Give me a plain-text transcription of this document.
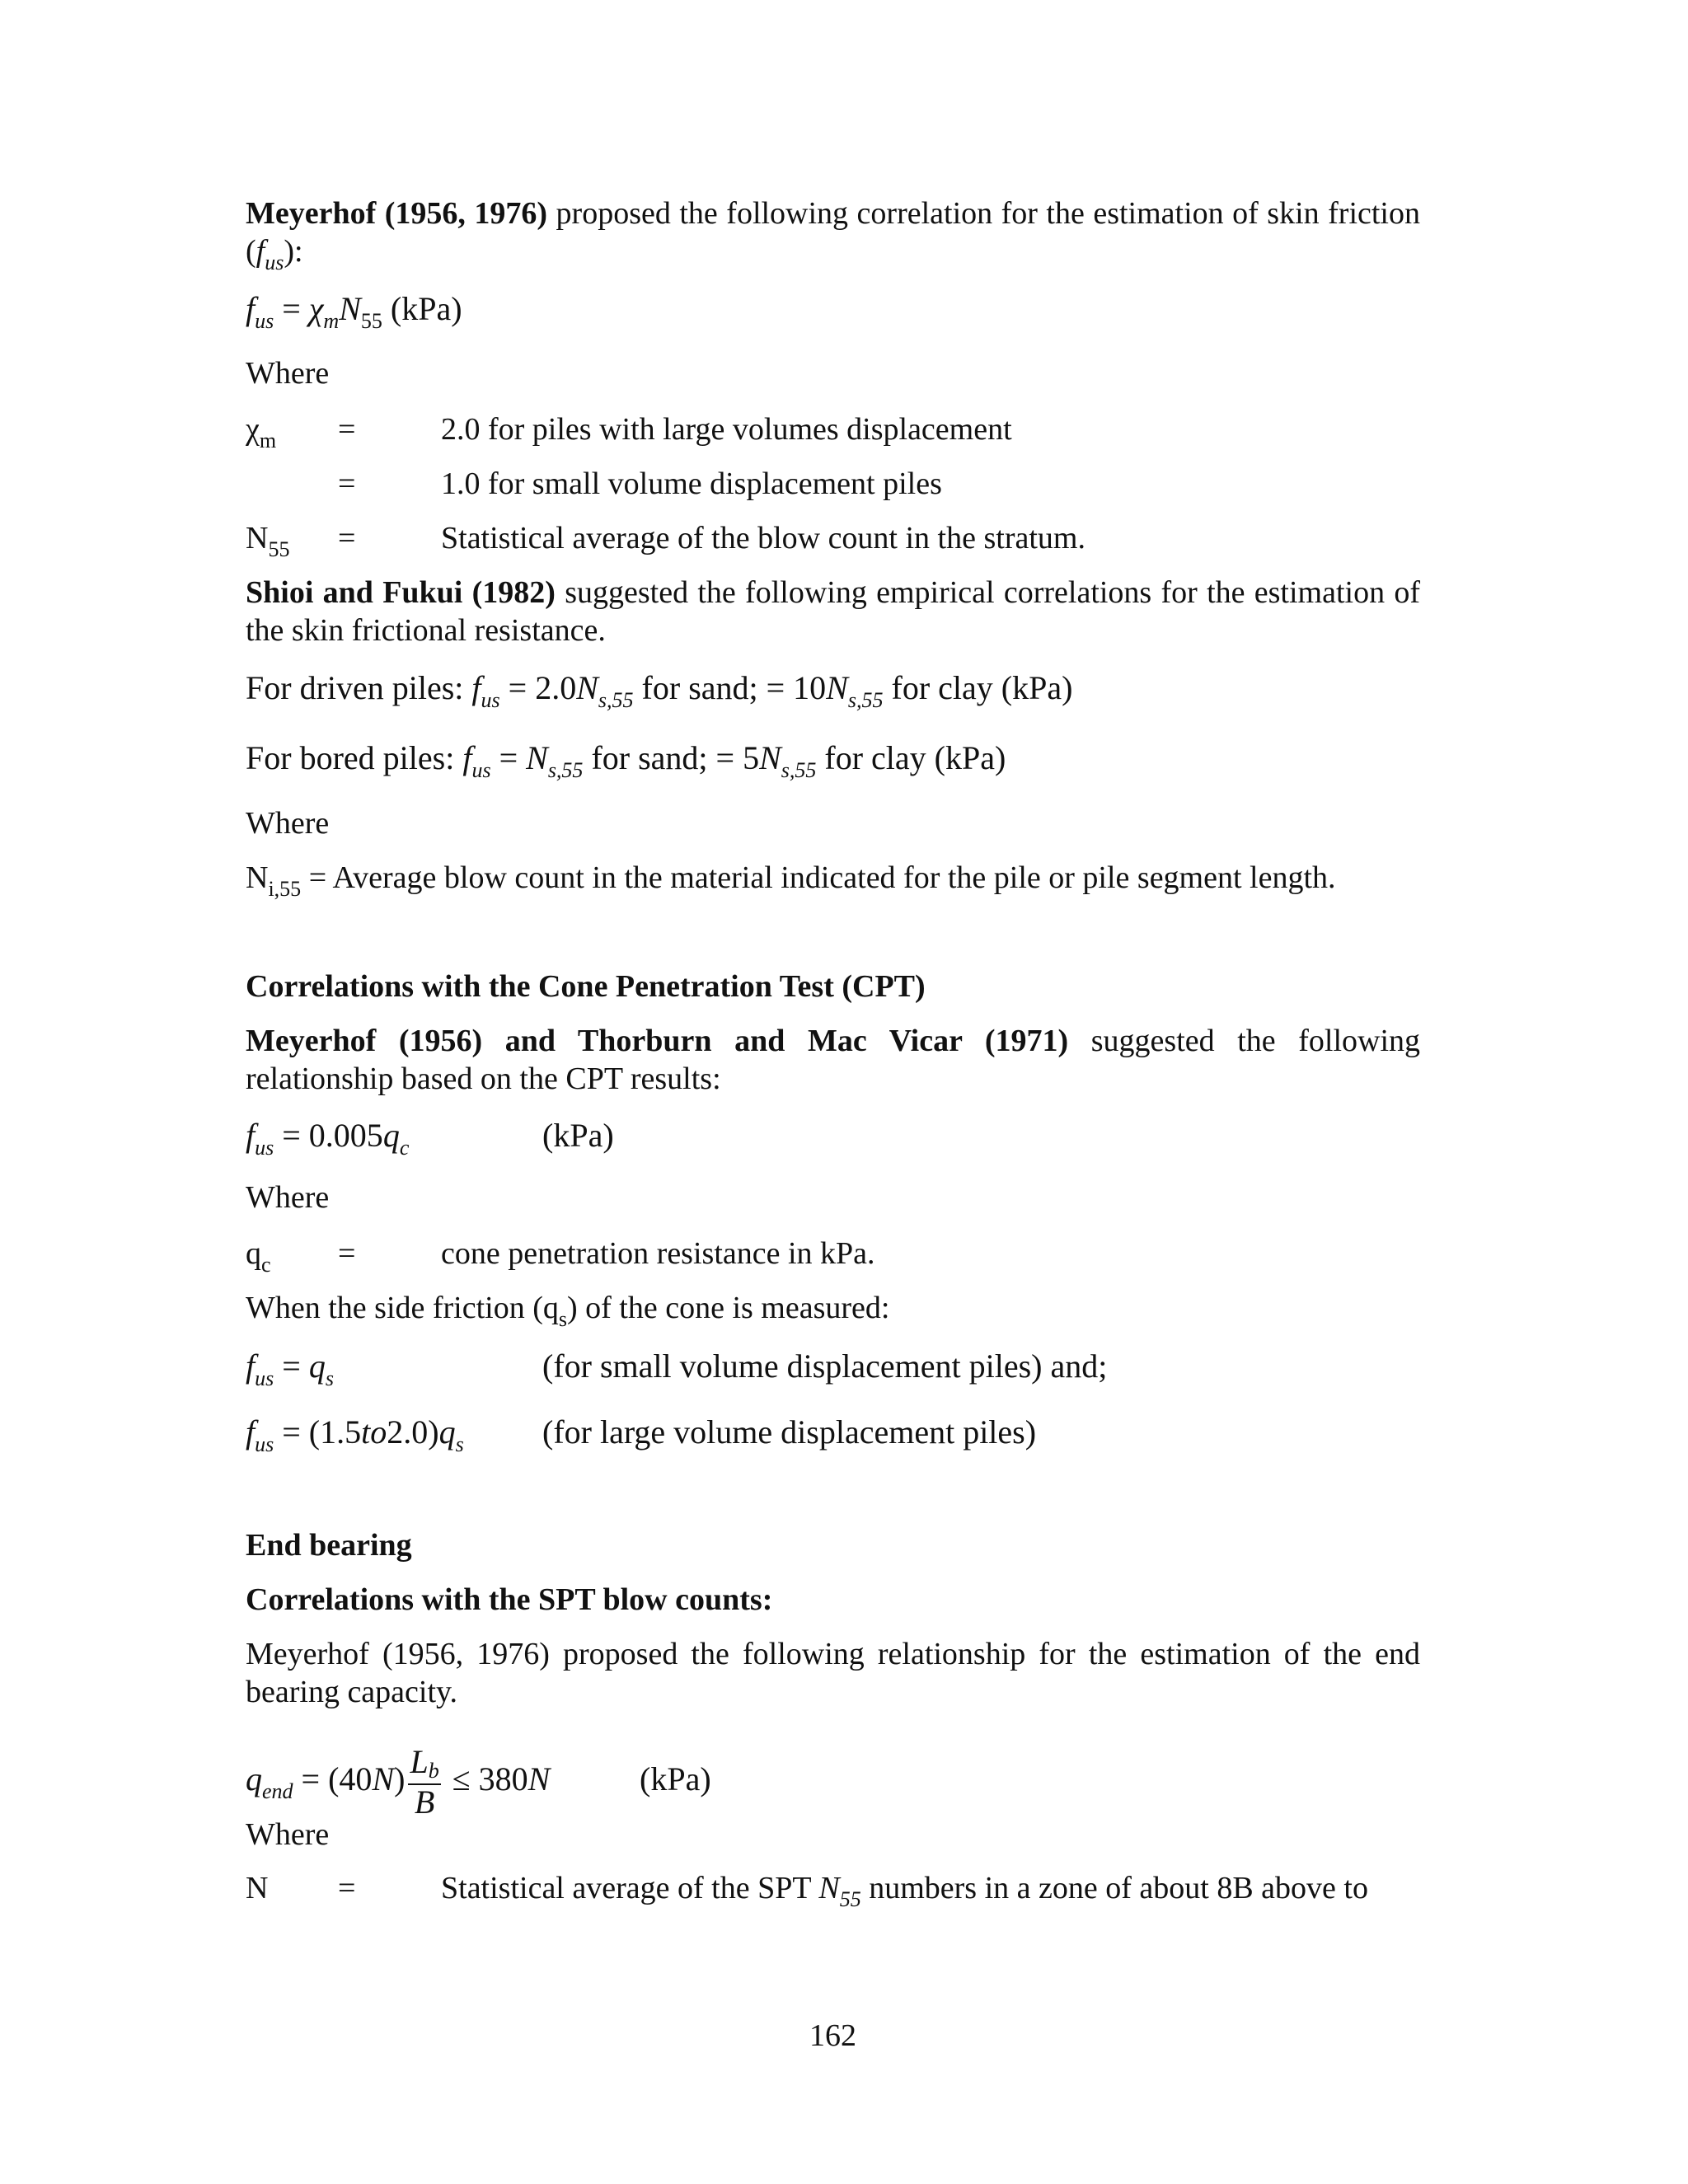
Meyerhof (1956, 1976) proposed the following correlation for the estimation of skin friction $(f_{us})$:

$f_{us} = \chi_mN_{55}$ (kPa)
Where
$\chi_m$ =	2.0 for piles with large volumes displacement
=	1.0 for small volume displacement piles
$N_{55}$ =	Statistical average of the blow count in the stratum.

Shioi and Fukui (1982) suggested the following empirical correlations for the estimation of the skin frictional resistance.

For driven piles: $f_{us} = 2.0N_{s,55}$ for sand; = $10N_{s,55}$ for clay (kPa)
For bored piles: $f_{us} = N_{s,55}$ for sand; = $5N_{s,55}$ for clay (kPa)
Where
$N_{i,55}$ = Average blow count in the material indicated for the pile or pile segment length.
Correlations with the Cone Penetration Test (CPT)

Meyerhof (1956) and Thorburn and Mac Vicar (1971) suggested the following relationship based on the CPT results:

$f_{us} = 0.005q_c$	(kPa)
Where
$q_c$ =	cone penetration resistance in kPa.
When the side friction $(q_s)$ of the cone is measured:
$f_{us} = q_s$	(for small volume displacement piles) and;
$f_{us} = (1.5to2.0)q_s$ (for large volume displacement piles)
End bearing
Correlations with the SPT blow counts:

Meyerhof (1956, 1976) proposed the following relationship for the estimation of the end bearing capacity.

$q_{end} = (40N) \frac{Lb}{B} \le 380N$	(kPa)
Where
N =	Statistical average of the SPT $N_{55}$ numbers in a zone of about 8B above to
162
